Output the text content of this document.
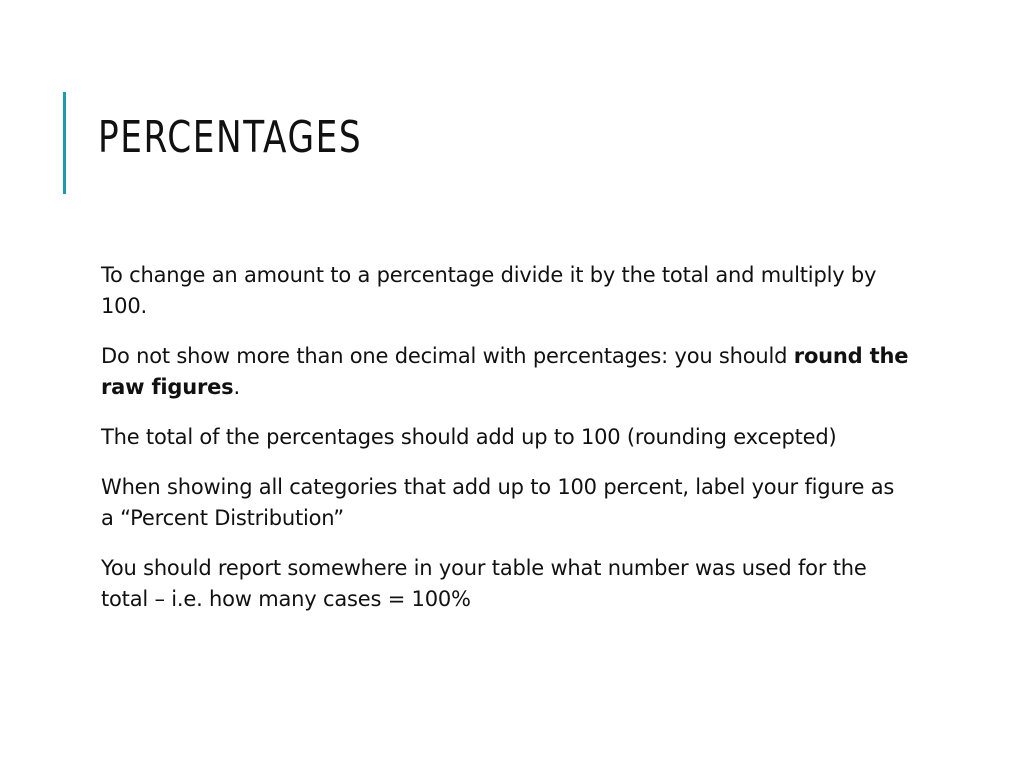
PERCENTAGES

To change an amount to a percentage divide it by the total and multiply by 100.

Do not show more than one decimal with percentages: you should round the raw figures.

The total of the percentages should add up to 100 (rounding excepted)

When showing all categories that add up to 100 percent, label your figure as a “Percent Distribution”

You should report somewhere in your table what number was used for the total – i.e. how many cases = 100%
